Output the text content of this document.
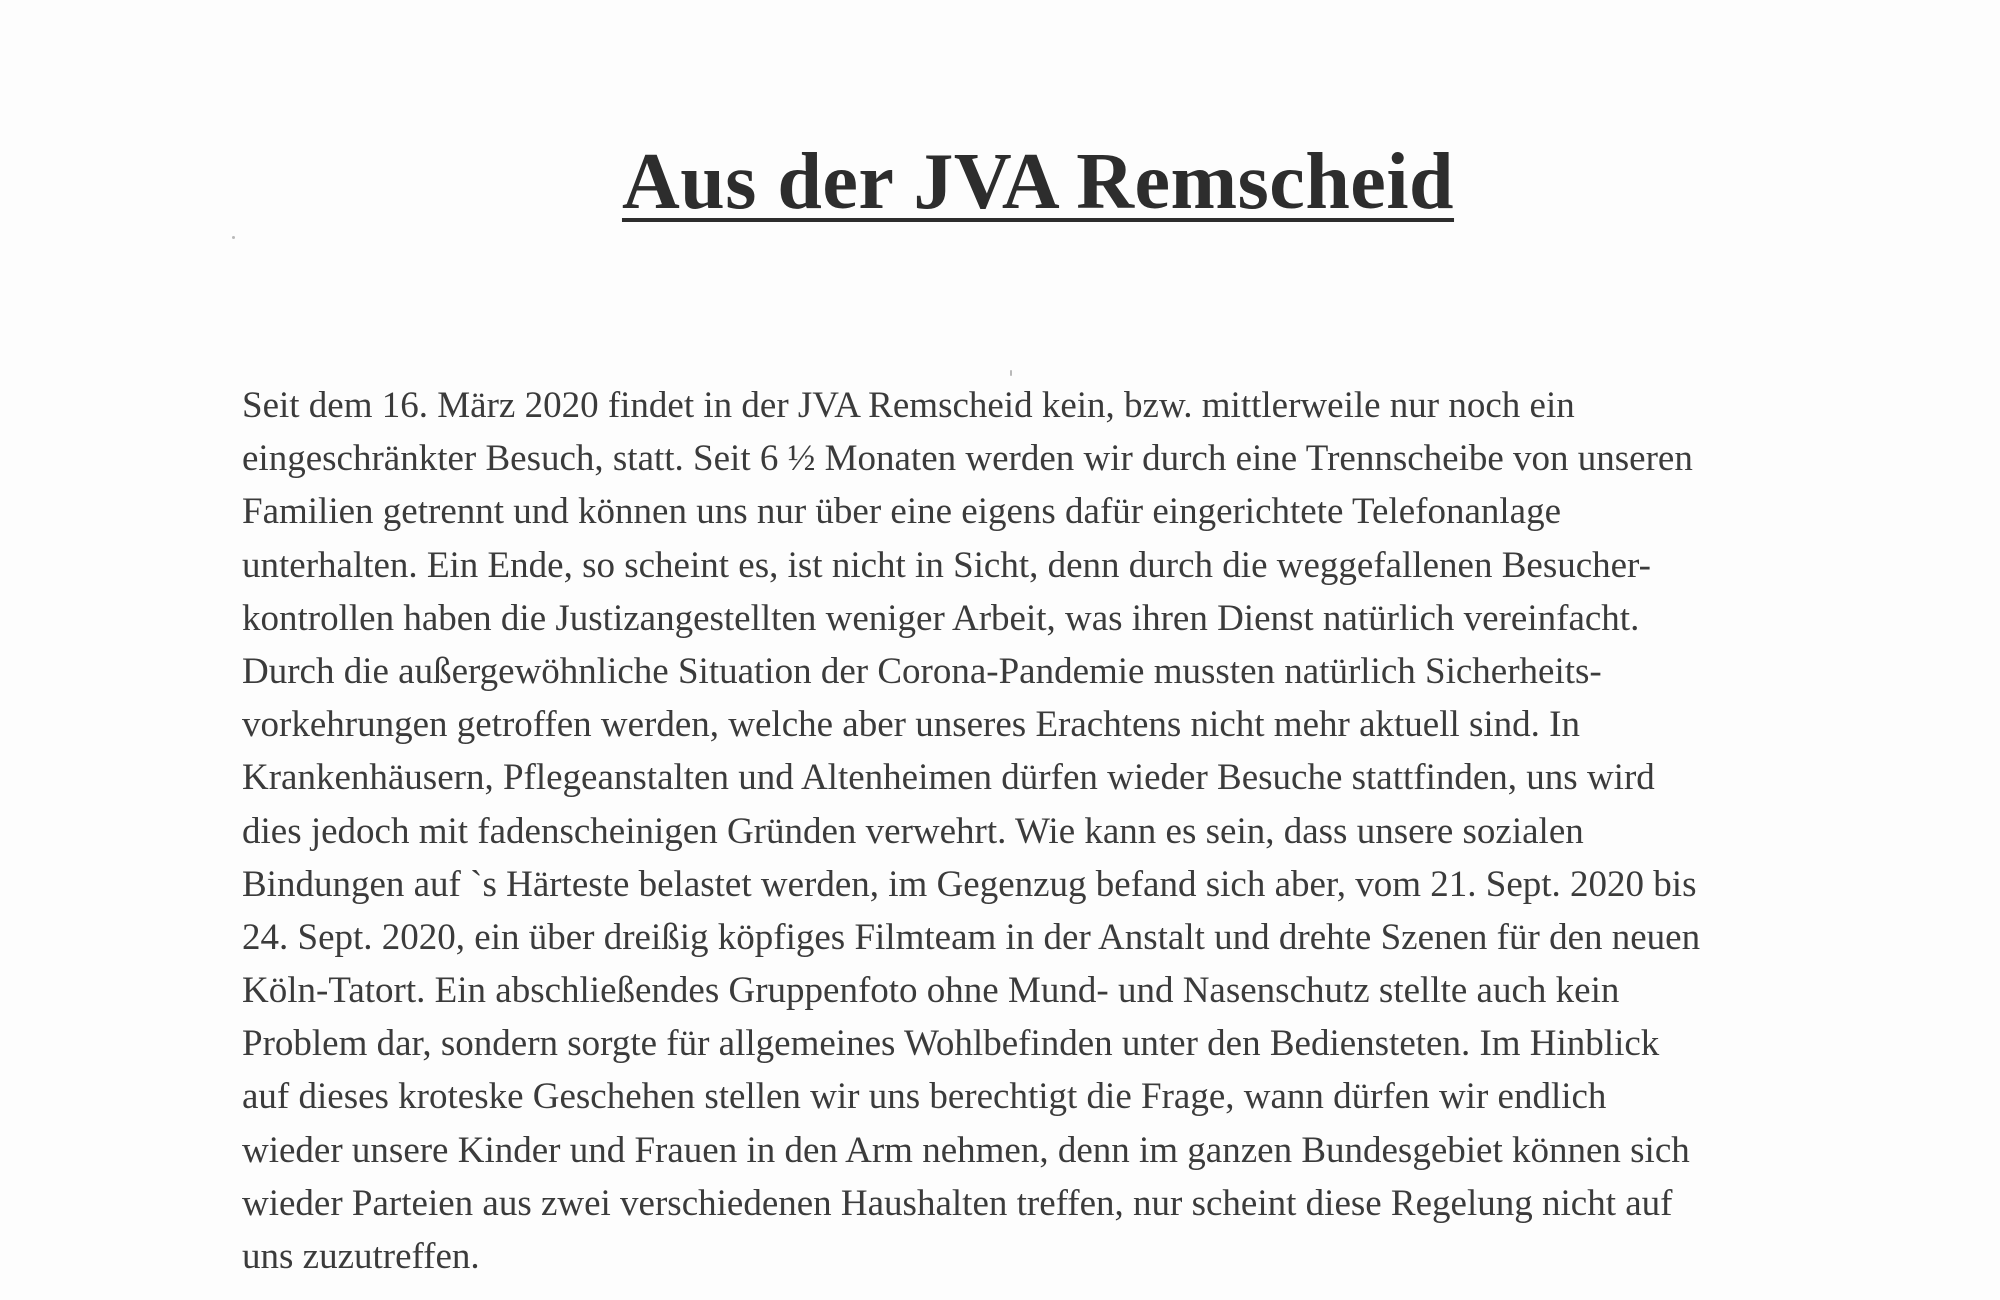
Aus der JVA Remscheid
Seit dem 16. März 2020 findet in der JVA Remscheid kein, bzw. mittlerweile nur noch ein
eingeschränkter Besuch, statt. Seit 6 ½ Monaten werden wir durch eine Trennscheibe von unseren
Familien getrennt und können uns nur über eine eigens dafür eingerichtete Telefonanlage
unterhalten. Ein Ende, so scheint es, ist nicht in Sicht, denn durch die weggefallenen Besucher-
kontrollen haben die Justizangestellten weniger Arbeit, was ihren Dienst natürlich vereinfacht.
Durch die außergewöhnliche Situation der Corona-Pandemie mussten natürlich Sicherheits-
vorkehrungen getroffen werden, welche aber unseres Erachtens nicht mehr aktuell sind. In
Krankenhäusern, Pflegeanstalten und Altenheimen dürfen wieder Besuche stattfinden, uns wird
dies jedoch mit fadenscheinigen Gründen verwehrt. Wie kann es sein, dass unsere sozialen
Bindungen auf `s Härteste belastet werden, im Gegenzug befand sich aber, vom 21. Sept. 2020 bis
24. Sept. 2020, ein über dreißig köpfiges Filmteam in der Anstalt und drehte Szenen für den neuen
Köln-Tatort. Ein abschließendes Gruppenfoto ohne Mund- und Nasenschutz stellte auch kein
Problem dar, sondern sorgte für allgemeines Wohlbefinden unter den Bediensteten. Im Hinblick
auf dieses kroteske Geschehen stellen wir uns berechtigt die Frage, wann dürfen wir endlich
wieder unsere Kinder und Frauen in den Arm nehmen, denn im ganzen Bundesgebiet können sich
wieder Parteien aus zwei verschiedenen Haushalten treffen, nur scheint diese Regelung nicht auf
uns zuzutreffen.
